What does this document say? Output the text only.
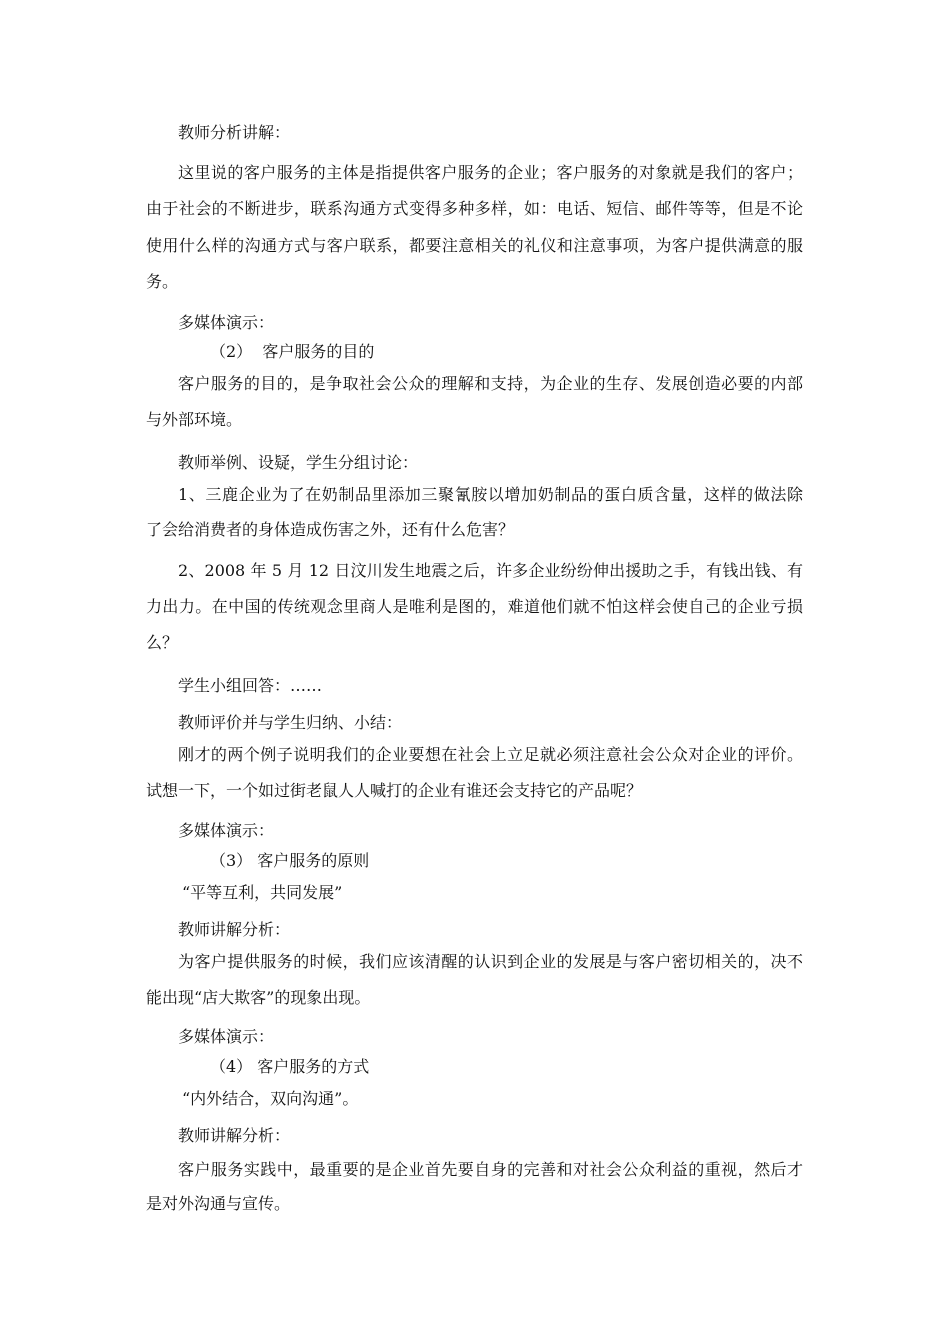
教师分析讲解：
这里说的客户服务的主体是指提供客户服务的企业；客户服务的对象就是我们的客户；
由于社会的不断进步，联系沟通方式变得多种多样，如：电话、短信、邮件等等，但是不论
使用什么样的沟通方式与客户联系，都要注意相关的礼仪和注意事项，为客户提供满意的服
务。
多媒体演示：
（2）  客户服务的目的
客户服务的目的，是争取社会公众的理解和支持，为企业的生存、发展创造必要的内部
与外部环境。
教师举例、设疑，学生分组讨论：
1、三鹿企业为了在奶制品里添加三聚氰胺以增加奶制品的蛋白质含量，这样的做法除
了会给消费者的身体造成伤害之外，还有什么危害？
2、2008 年 5 月 12 日汶川发生地震之后，许多企业纷纷伸出援助之手，有钱出钱、有
力出力。在中国的传统观念里商人是唯利是图的，难道他们就不怕这样会使自己的企业亏损
么？
学生小组回答：……
教师评价并与学生归纳、小结：
刚才的两个例子说明我们的企业要想在社会上立足就必须注意社会公众对企业的评价。
试想一下，一个如过街老鼠人人喊打的企业有谁还会支持它的产品呢？
多媒体演示：
（3） 客户服务的原则
“平等互利，共同发展”
教师讲解分析：
为客户提供服务的时候，我们应该清醒的认识到企业的发展是与客户密切相关的，决不
能出现“店大欺客”的现象出现。
多媒体演示：
（4） 客户服务的方式
“内外结合，双向沟通”。
教师讲解分析：
客户服务实践中，最重要的是企业首先要自身的完善和对社会公众利益的重视，然后才
是对外沟通与宣传。
